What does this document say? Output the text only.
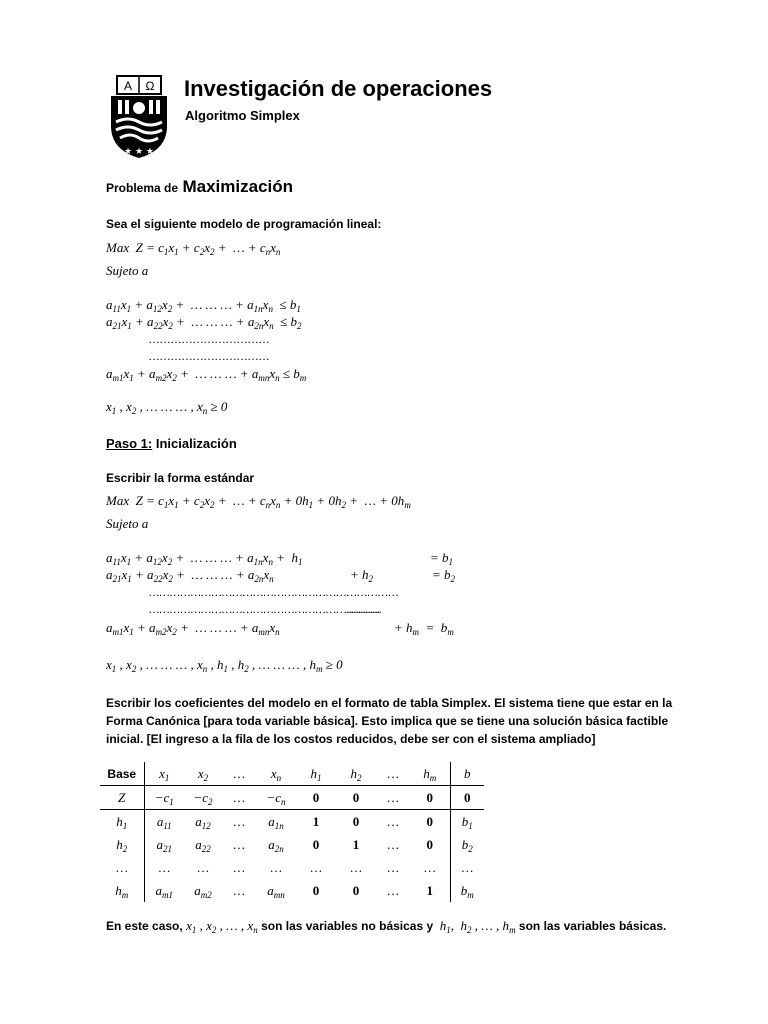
A Ω
★ ★ ★
Investigación de operaciones
Algoritmo Simplex
Problema de Maximización
Sea el siguiente modelo de programación lineal:
Max  $Z = c_1x_1 + c_2x_2$ +  … + $c_nx_n$
Sujeto a
$a_{11}x_1 + a_{12}x_2$ +  … … … + $a_{1n}x_n \le b_1$
$a_{21}x_1 + a_{22}x_2$ +  … … … + $a_{2n}x_n \le b_2$
……………………………
……………………………
$a_{m1}x_1 + a_{m2}x_2$ +  … … … + $a_{mn}x_n \le b_m$
$x_1$ , $x_2$ , … … … , $x_n \ge 0$
Paso 1: Inicialización
Escribir la forma estándar
Max  $Z = c_1x_1 + c_2x_2$ +  … + $c_nx_n + 0h_1 + 0h_2$ +  … + $0h_m$
Sujeto a
$a_{11}x_1 + a_{12}x_2$ +  … … … + $a_{1n}x_n + h_1$	= $b_1$
$a_{21}x_1 + a_{22}x_2$ +  … … … + $a_{2n}x_n$	+ $h_2$	= $b_2$
………………………………………………………………
…………………………………………………....................
$a_{m1}x_1 + a_{m2}x_2$ +  … … … + $a_{mn}x_n$	+ $h_m = b_m$
$x_1$ , $x_2$ , … … … , $x_n$ , $h_1$ , $h_2$ , … … … , $h_m \ge 0$
Escribir los coeficientes del modelo en el formato de tabla Simplex. El sistema tiene que estar en la
Forma Canónica [para toda variable básica]. Esto implica que se tiene una solución básica factible
inicial. [El ingreso a la fila de los costos reducidos, debe ser con el sistema ampliado]
Base	$x_1$	$x_2$	…	$x_n$	$h_1$	$h_2$	…	$h_m$	b
Z	$-c_1$	$-c_2$	…	$-c_n$	0	0	…	0	0
$h_1$	$a_{11}$	$a_{12}$	…	$a_{1n}$	1	0	…	0	$b_1$
$h_2$	$a_{21}$	$a_{22}$	…	$a_{2n}$	0	1	…	0	$b_2$
…	…	…	…	…	…	…	…	…	…
$h_m$	$a_{m1}$	$a_{m2}$	…	$a_{mn}$	0	0	…	1	$b_m$
En este caso, $x_1$ , $x_2$ , … , $x_n$ son las variables no básicas y  $h_1$,  $h_2$ , … , $h_m$ son las variables básicas.
